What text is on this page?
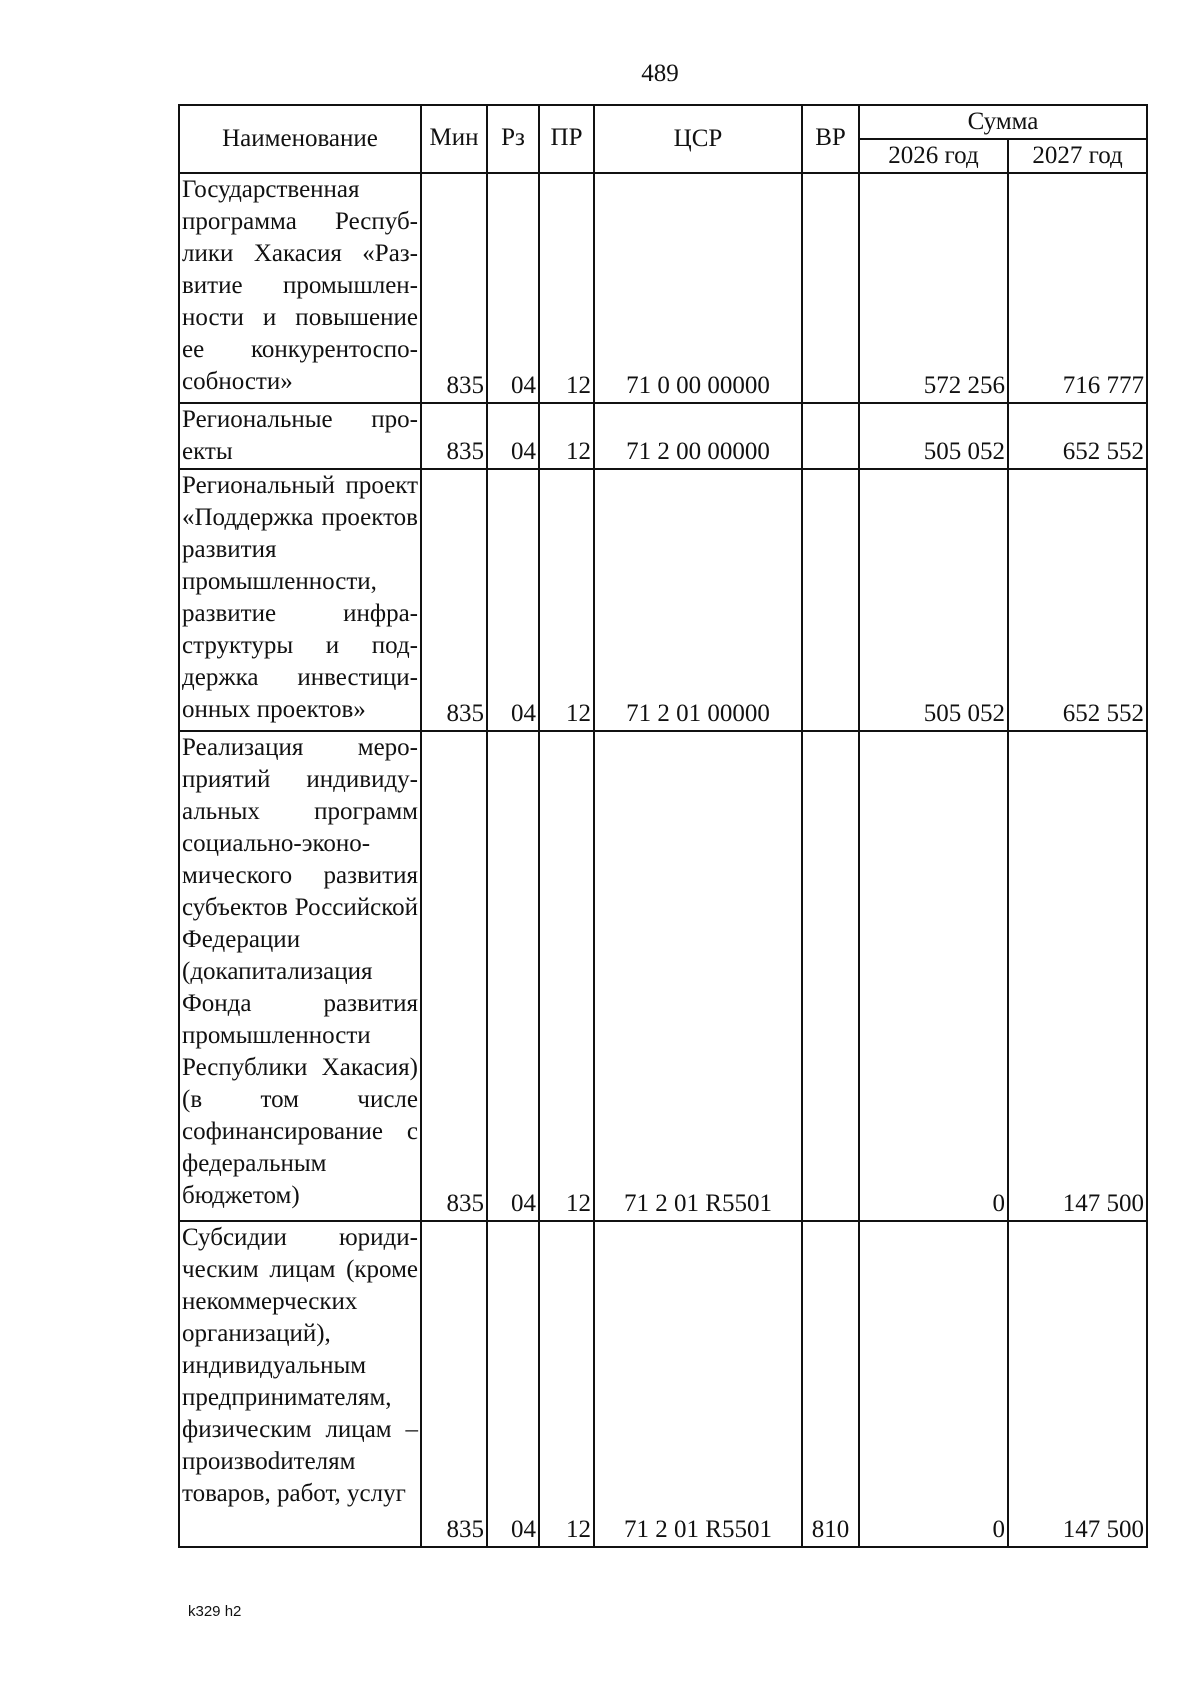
489
Наименование	Мин	Рз	ПР	ЦСР	ВР	Сумма	
						2026 год	2027 год
Государственная программа Республики Хакасия «Развитие промышленности и повышение ее конкурентоспособности»	835	04	12	71 0 00 00000		572 256	716 777
Региональные проекты	835	04	12	71 2 00 00000		505 052	652 552
Региональный проект «Поддержка проектов развития промышленности, развитие инфраструктуры и поддержка инвестиционных проектов»	835	04	12	71 2 01 00000		505 052	652 552
Реализация мероприятий индивидуальных программ социально-экономического развития субъектов Российской Федерации (докапитализация Фонда развития промышленности Республики Хакасия) (в том числе софинансирование с федеральным бюджетом)	835	04	12	71 2 01 R5501		0	147 500
Субсидии юридическим лицам (кроме некоммерческих организаций), индивидуальным предпринимателям, физическим лицам – произвоdителям товаров, работ, услуг	835	04	12	71 2 01 R5501	810	0	147 500
k329 h2
